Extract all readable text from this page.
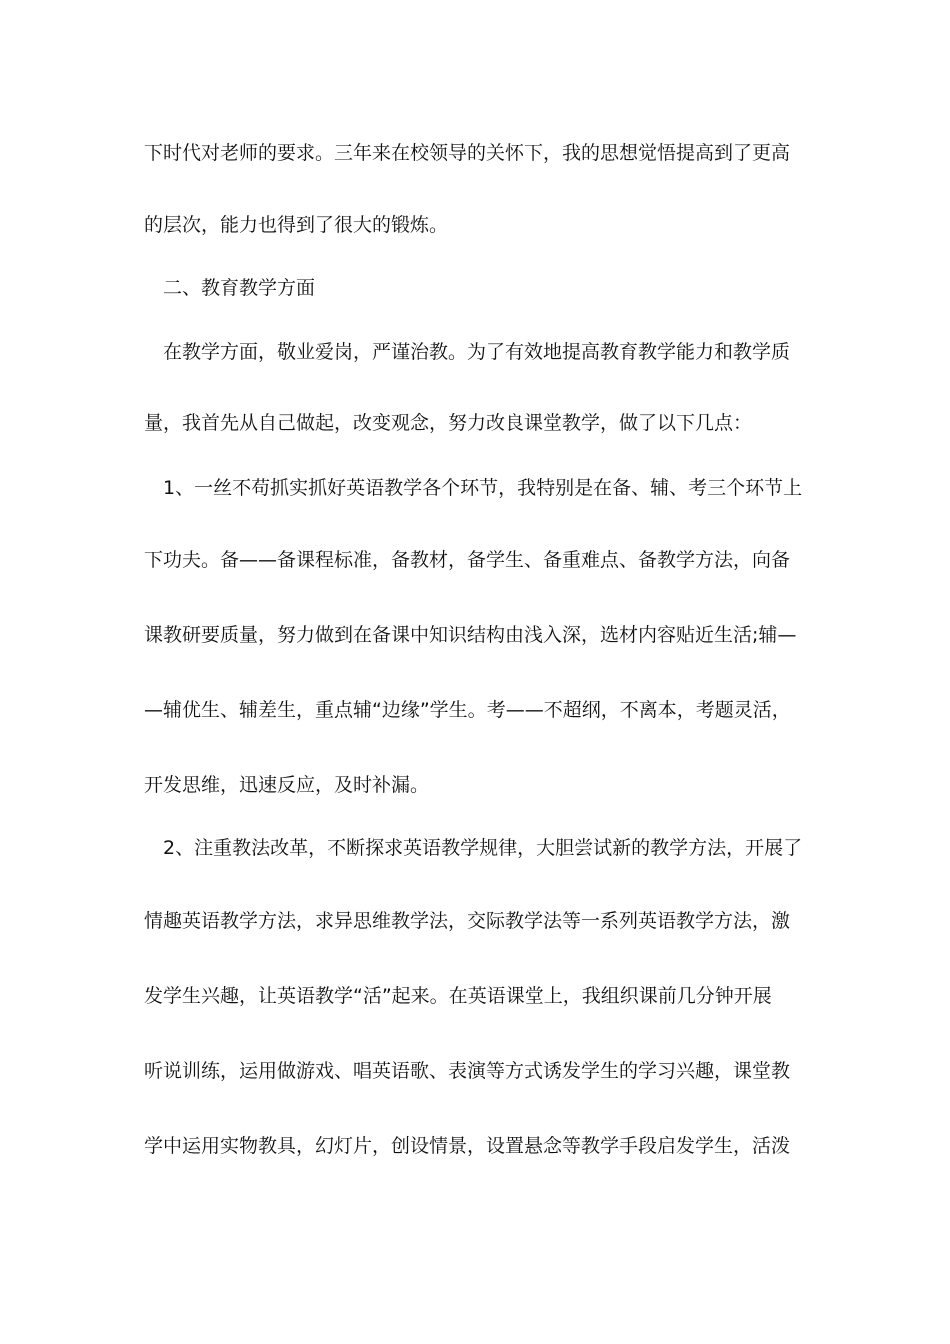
下时代对老师的要求。三年来在校领导的关怀下，我的思想觉悟提高到了更高
的层次，能力也得到了很大的锻炼。
二、教育教学方面
在教学方面，敬业爱岗，严谨治教。为了有效地提高教育教学能力和教学质
量，我首先从自己做起，改变观念，努力改良课堂教学，做了以下几点：
1、一丝不苟抓实抓好英语教学各个环节，我特别是在备、辅、考三个环节上
下功夫。备——备课程标准，备教材，备学生、备重难点、备教学方法，向备
课教研要质量，努力做到在备课中知识结构由浅入深，选材内容贴近生活;辅—
—辅优生、辅差生，重点辅“边缘”学生。考——不超纲，不离本，考题灵活，
开发思维，迅速反应，及时补漏。
2、注重教法改革，不断探求英语教学规律，大胆尝试新的教学方法，开展了
情趣英语教学方法，求异思维教学法，交际教学法等一系列英语教学方法，激
发学生兴趣，让英语教学“活”起来。在英语课堂上，我组织课前几分钟开展
听说训练，运用做游戏、唱英语歌、表演等方式诱发学生的学习兴趣，课堂教
学中运用实物教具，幻灯片，创设情景，设置悬念等教学手段启发学生，活泼
